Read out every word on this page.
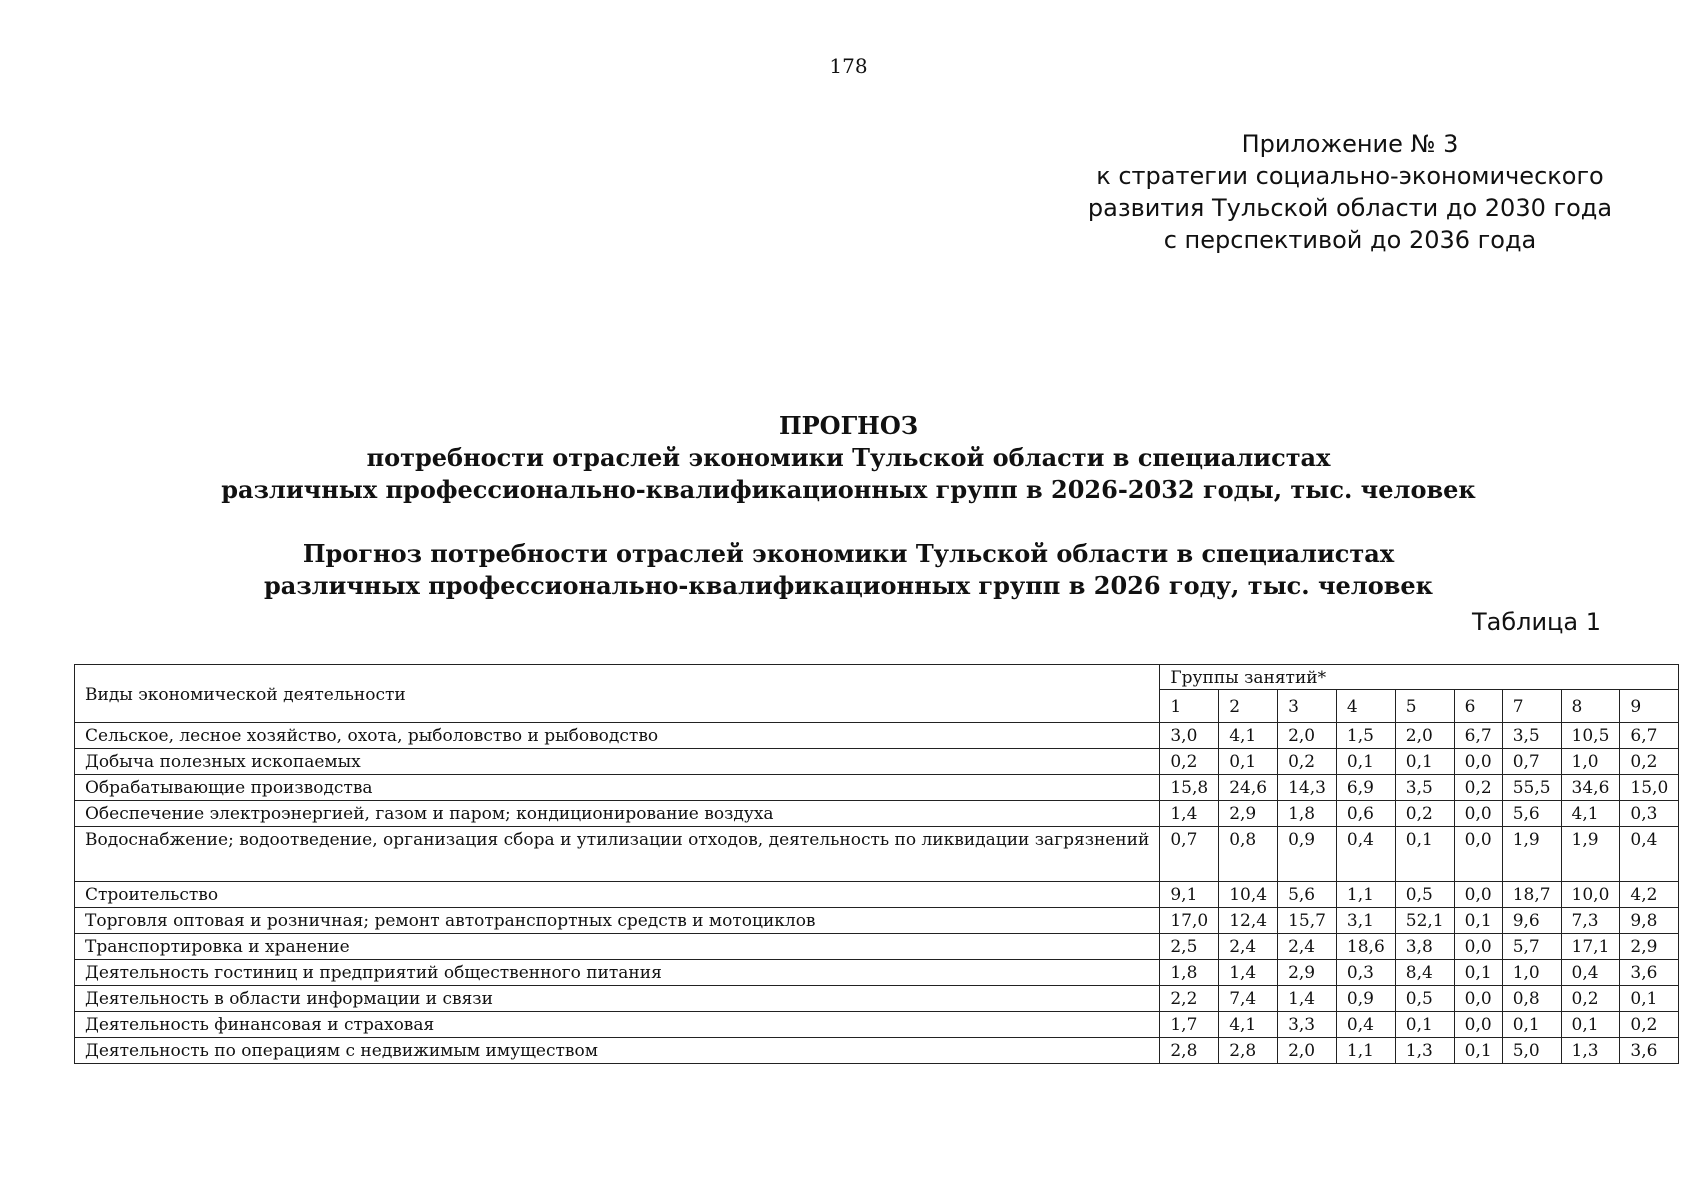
178
Приложение № 3
к стратегии социально-экономического
развития Тульской области до 2030 года
с перспективой до 2036 года
ПРОГНОЗ
потребности отраслей экономики Тульской области в специалистах
различных профессионально-квалификационных групп в 2026-2032 годы, тыс. человек
Прогноз потребности отраслей экономики Тульской области в специалистах
различных профессионально-квалификационных групп в 2026 году, тыс. человек
Таблица 1
Виды экономической деятельности	Группы занятий*								
	1	2	3	4	5	6	7	8	9
Сельское, лесное хозяйство, охота, рыболовство и рыбоводство	3,0	4,1	2,0	1,5	2,0	6,7	3,5	10,5	6,7
Добыча полезных ископаемых	0,2	0,1	0,2	0,1	0,1	0,0	0,7	1,0	0,2
Обрабатывающие производства	15,8	24,6	14,3	6,9	3,5	0,2	55,5	34,6	15,0
Обеспечение электроэнергией, газом и паром; кондиционирование воздуха	1,4	2,9	1,8	0,6	0,2	0,0	5,6	4,1	0,3
Водоснабжение; водоотведение, организация сбора и утилизации отходов, деятельность по ликвидации загрязнений	0,7	0,8	0,9	0,4	0,1	0,0	1,9	1,9	0,4
Строительство	9,1	10,4	5,6	1,1	0,5	0,0	18,7	10,0	4,2
Торговля оптовая и розничная; ремонт автотранспортных средств и мотоциклов	17,0	12,4	15,7	3,1	52,1	0,1	9,6	7,3	9,8
Транспортировка и хранение	2,5	2,4	2,4	18,6	3,8	0,0	5,7	17,1	2,9
Деятельность гостиниц и предприятий общественного питания	1,8	1,4	2,9	0,3	8,4	0,1	1,0	0,4	3,6
Деятельность в области информации и связи	2,2	7,4	1,4	0,9	0,5	0,0	0,8	0,2	0,1
Деятельность финансовая и страховая	1,7	4,1	3,3	0,4	0,1	0,0	0,1	0,1	0,2
Деятельность по операциям с недвижимым имуществом	2,8	2,8	2,0	1,1	1,3	0,1	5,0	1,3	3,6
